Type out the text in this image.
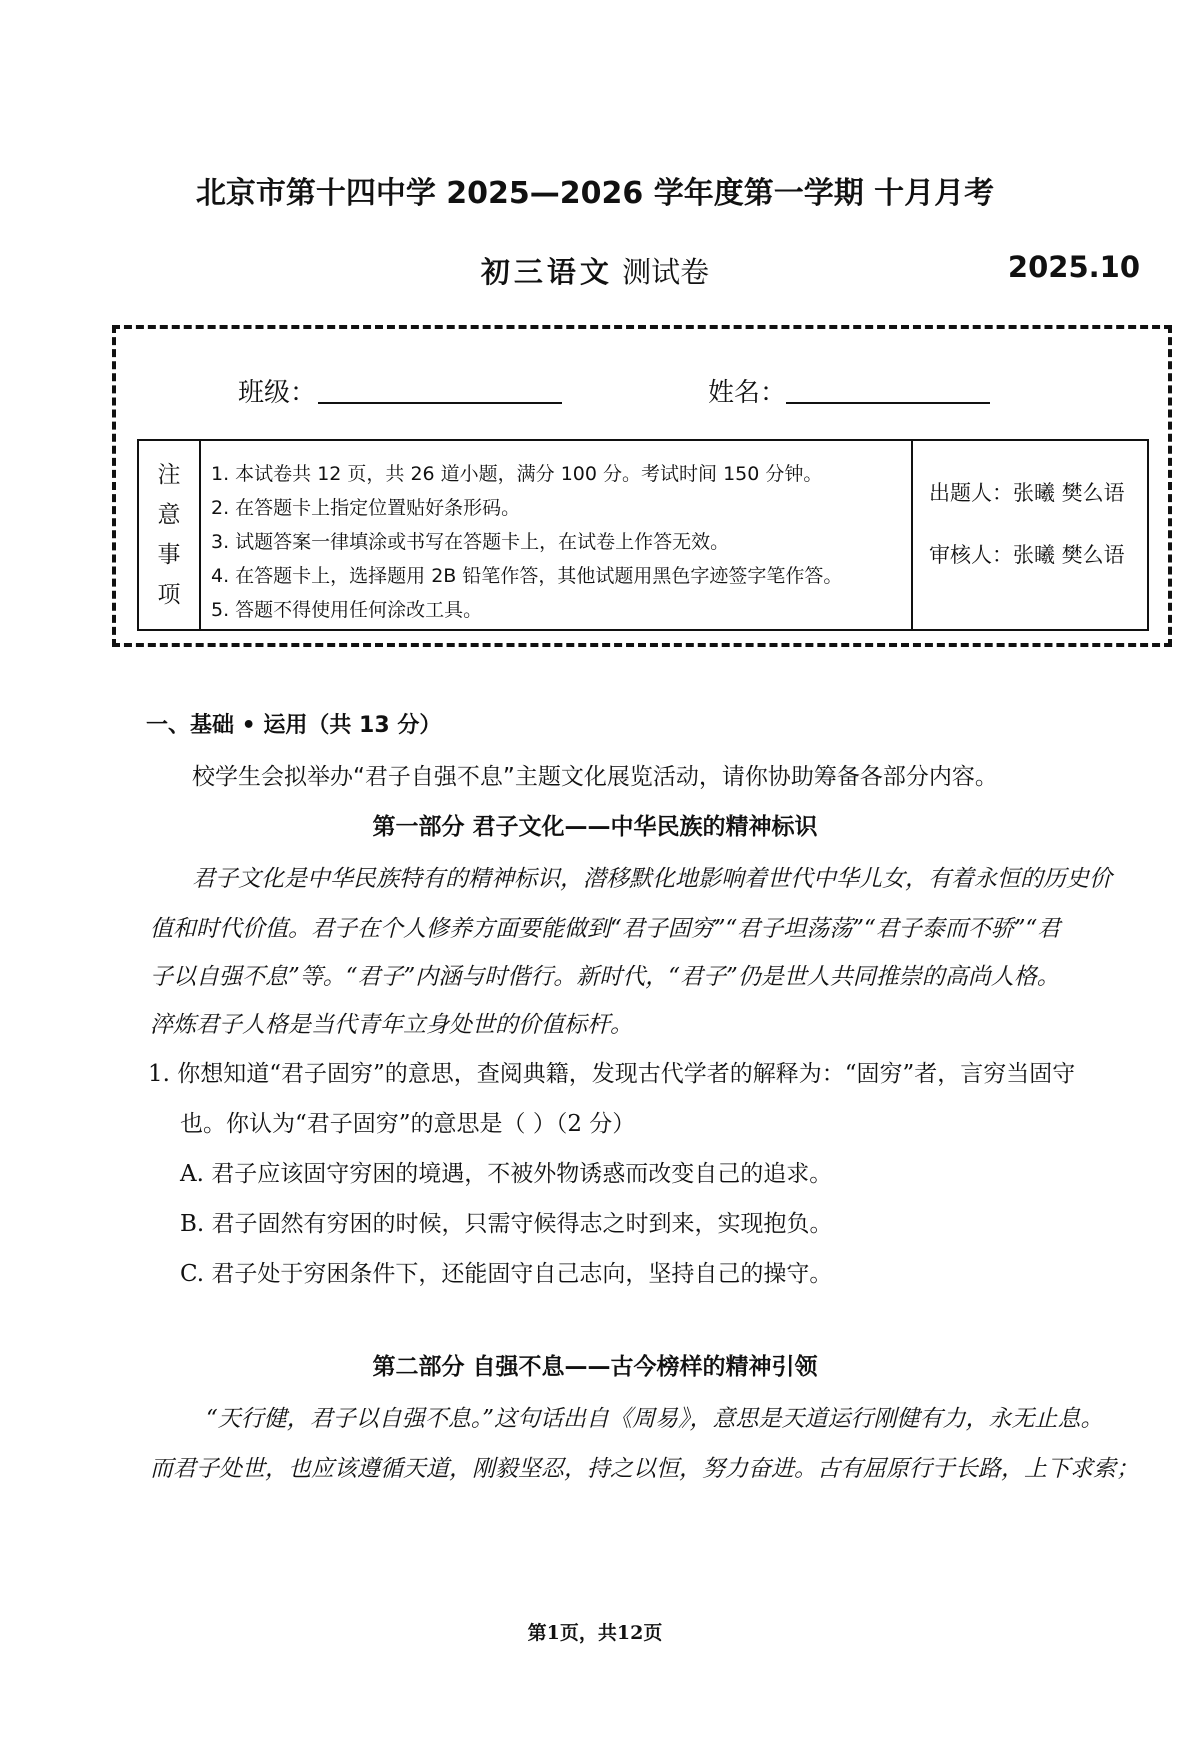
北京市第十四中学 2025—2026 学年度第一学期 十月月考
初三语文 测试卷	2025.10
班级：	姓名：
注
意
事
项
1. 本试卷共 12 页，共 26 道小题，满分 100 分。考试时间 150 分钟。
2. 在答题卡上指定位置贴好条形码。
3. 试题答案一律填涂或书写在答题卡上，在试卷上作答无效。
4. 在答题卡上，选择题用 2B 铅笔作答，其他试题用黑色字迹签字笔作答。
5. 答题不得使用任何涂改工具。
出题人：张曦 樊么语
审核人：张曦 樊么语
一、基础 • 运用（共 13 分）
校学生会拟举办“君子自强不息”主题文化展览活动，请你协助筹备各部分内容。
第一部分 君子文化——中华民族的精神标识
君子文化是中华民族特有的精神标识，潜移默化地影响着世代中华儿女，有着永恒的历史价
值和时代价值。君子在个人修养方面要能做到“君子固穷”“君子坦荡荡”“君子泰而不骄”“君
子以自强不息”等。“君子”内涵与时偕行。新时代，“君子”仍是世人共同推崇的高尚人格。
淬炼君子人格是当代青年立身处世的价值标杆。
1. 你想知道“君子固穷”的意思，查阅典籍，发现古代学者的解释为：“固穷”者，言穷当固守
也。你认为“君子固穷”的意思是（ ）（2 分）
A. 君子应该固守穷困的境遇，不被外物诱惑而改变自己的追求。
B. 君子固然有穷困的时候，只需守候得志之时到来，实现抱负。
C. 君子处于穷困条件下，还能固守自己志向，坚持自己的操守。
第二部分 自强不息——古今榜样的精神引领
“天行健，君子以自强不息。”这句话出自《周易》，意思是天道运行刚健有力，永无止息。
而君子处世，也应该遵循天道，刚毅坚忍，持之以恒，努力奋进。古有屈原行于长路，上下求索；
第1页，共12页
